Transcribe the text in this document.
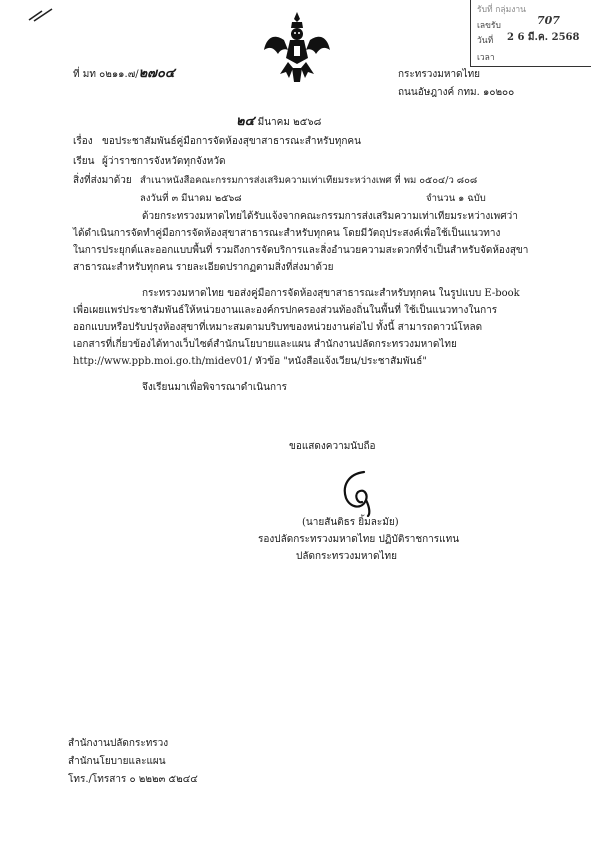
รับที่ กลุ่มงาน
เลขรับ	707
วันที่ 2 6 มี.ค. 2568
เวลา
ที่ มท ๐๒๑๑.๗/๒๗๐๔	กระทรวงมหาดไทย
ถนนอัษฎางค์ กทม. ๑๐๒๐๐
๒๔ มีนาคม ๒๕๖๘
เรื่อง ขอประชาสัมพันธ์คู่มือการจัดห้องสุขาสาธารณะสำหรับทุกคน
เรียน ผู้ว่าราชการจังหวัดทุกจังหวัด
สิ่งที่ส่งมาด้วย สำเนาหนังสือคณะกรรมการส่งเสริมความเท่าเทียมระหว่างเพศ ที่ พม ๐๕๐๔/ว ๘๐๘
ลงวันที่ ๓ มีนาคม ๒๕๖๘	จำนวน ๑ ฉบับ
ด้วยกระทรวงมหาดไทยได้รับแจ้งจากคณะกรรมการส่งเสริมความเท่าเทียมระหว่างเพศว่า
ได้ดำเนินการจัดทำคู่มือการจัดห้องสุขาสาธารณะสำหรับทุกคน โดยมีวัตถุประสงค์เพื่อใช้เป็นแนวทาง
ในการประยุกต์และออกแบบพื้นที่ รวมถึงการจัดบริการและสิ่งอำนวยความสะดวกที่จำเป็นสำหรับจัดห้องสุขา
สาธารณะสำหรับทุกคน รายละเอียดปรากฏตามสิ่งที่ส่งมาด้วย
กระทรวงมหาดไทย ขอส่งคู่มือการจัดห้องสุขาสาธารณะสำหรับทุกคน ในรูปแบบ E-book
เพื่อเผยแพร่ประชาสัมพันธ์ให้หน่วยงานและองค์กรปกครองส่วนท้องถิ่นในพื้นที่ ใช้เป็นแนวทางในการ
ออกแบบหรือปรับปรุงห้องสุขาที่เหมาะสมตามบริบทของหน่วยงานต่อไป ทั้งนี้ สามารถดาวน์โหลด
เอกสารที่เกี่ยวข้องได้ทางเว็บไซต์สำนักนโยบายและแผน สำนักงานปลัดกระทรวงมหาดไทย
http://www.ppb.moi.go.th/midev01/ หัวข้อ "หนังสือแจ้งเวียน/ประชาสัมพันธ์"
จึงเรียนมาเพื่อพิจารณาดำเนินการ
ขอแสดงความนับถือ
(นายสันติธร ยิ้มละมัย)
รองปลัดกระทรวงมหาดไทย ปฏิบัติราชการแทน
ปลัดกระทรวงมหาดไทย
สำนักงานปลัดกระทรวง
สำนักนโยบายและแผน
โทร./โทรสาร ๐ ๒๒๒๓ ๕๒๔๔
